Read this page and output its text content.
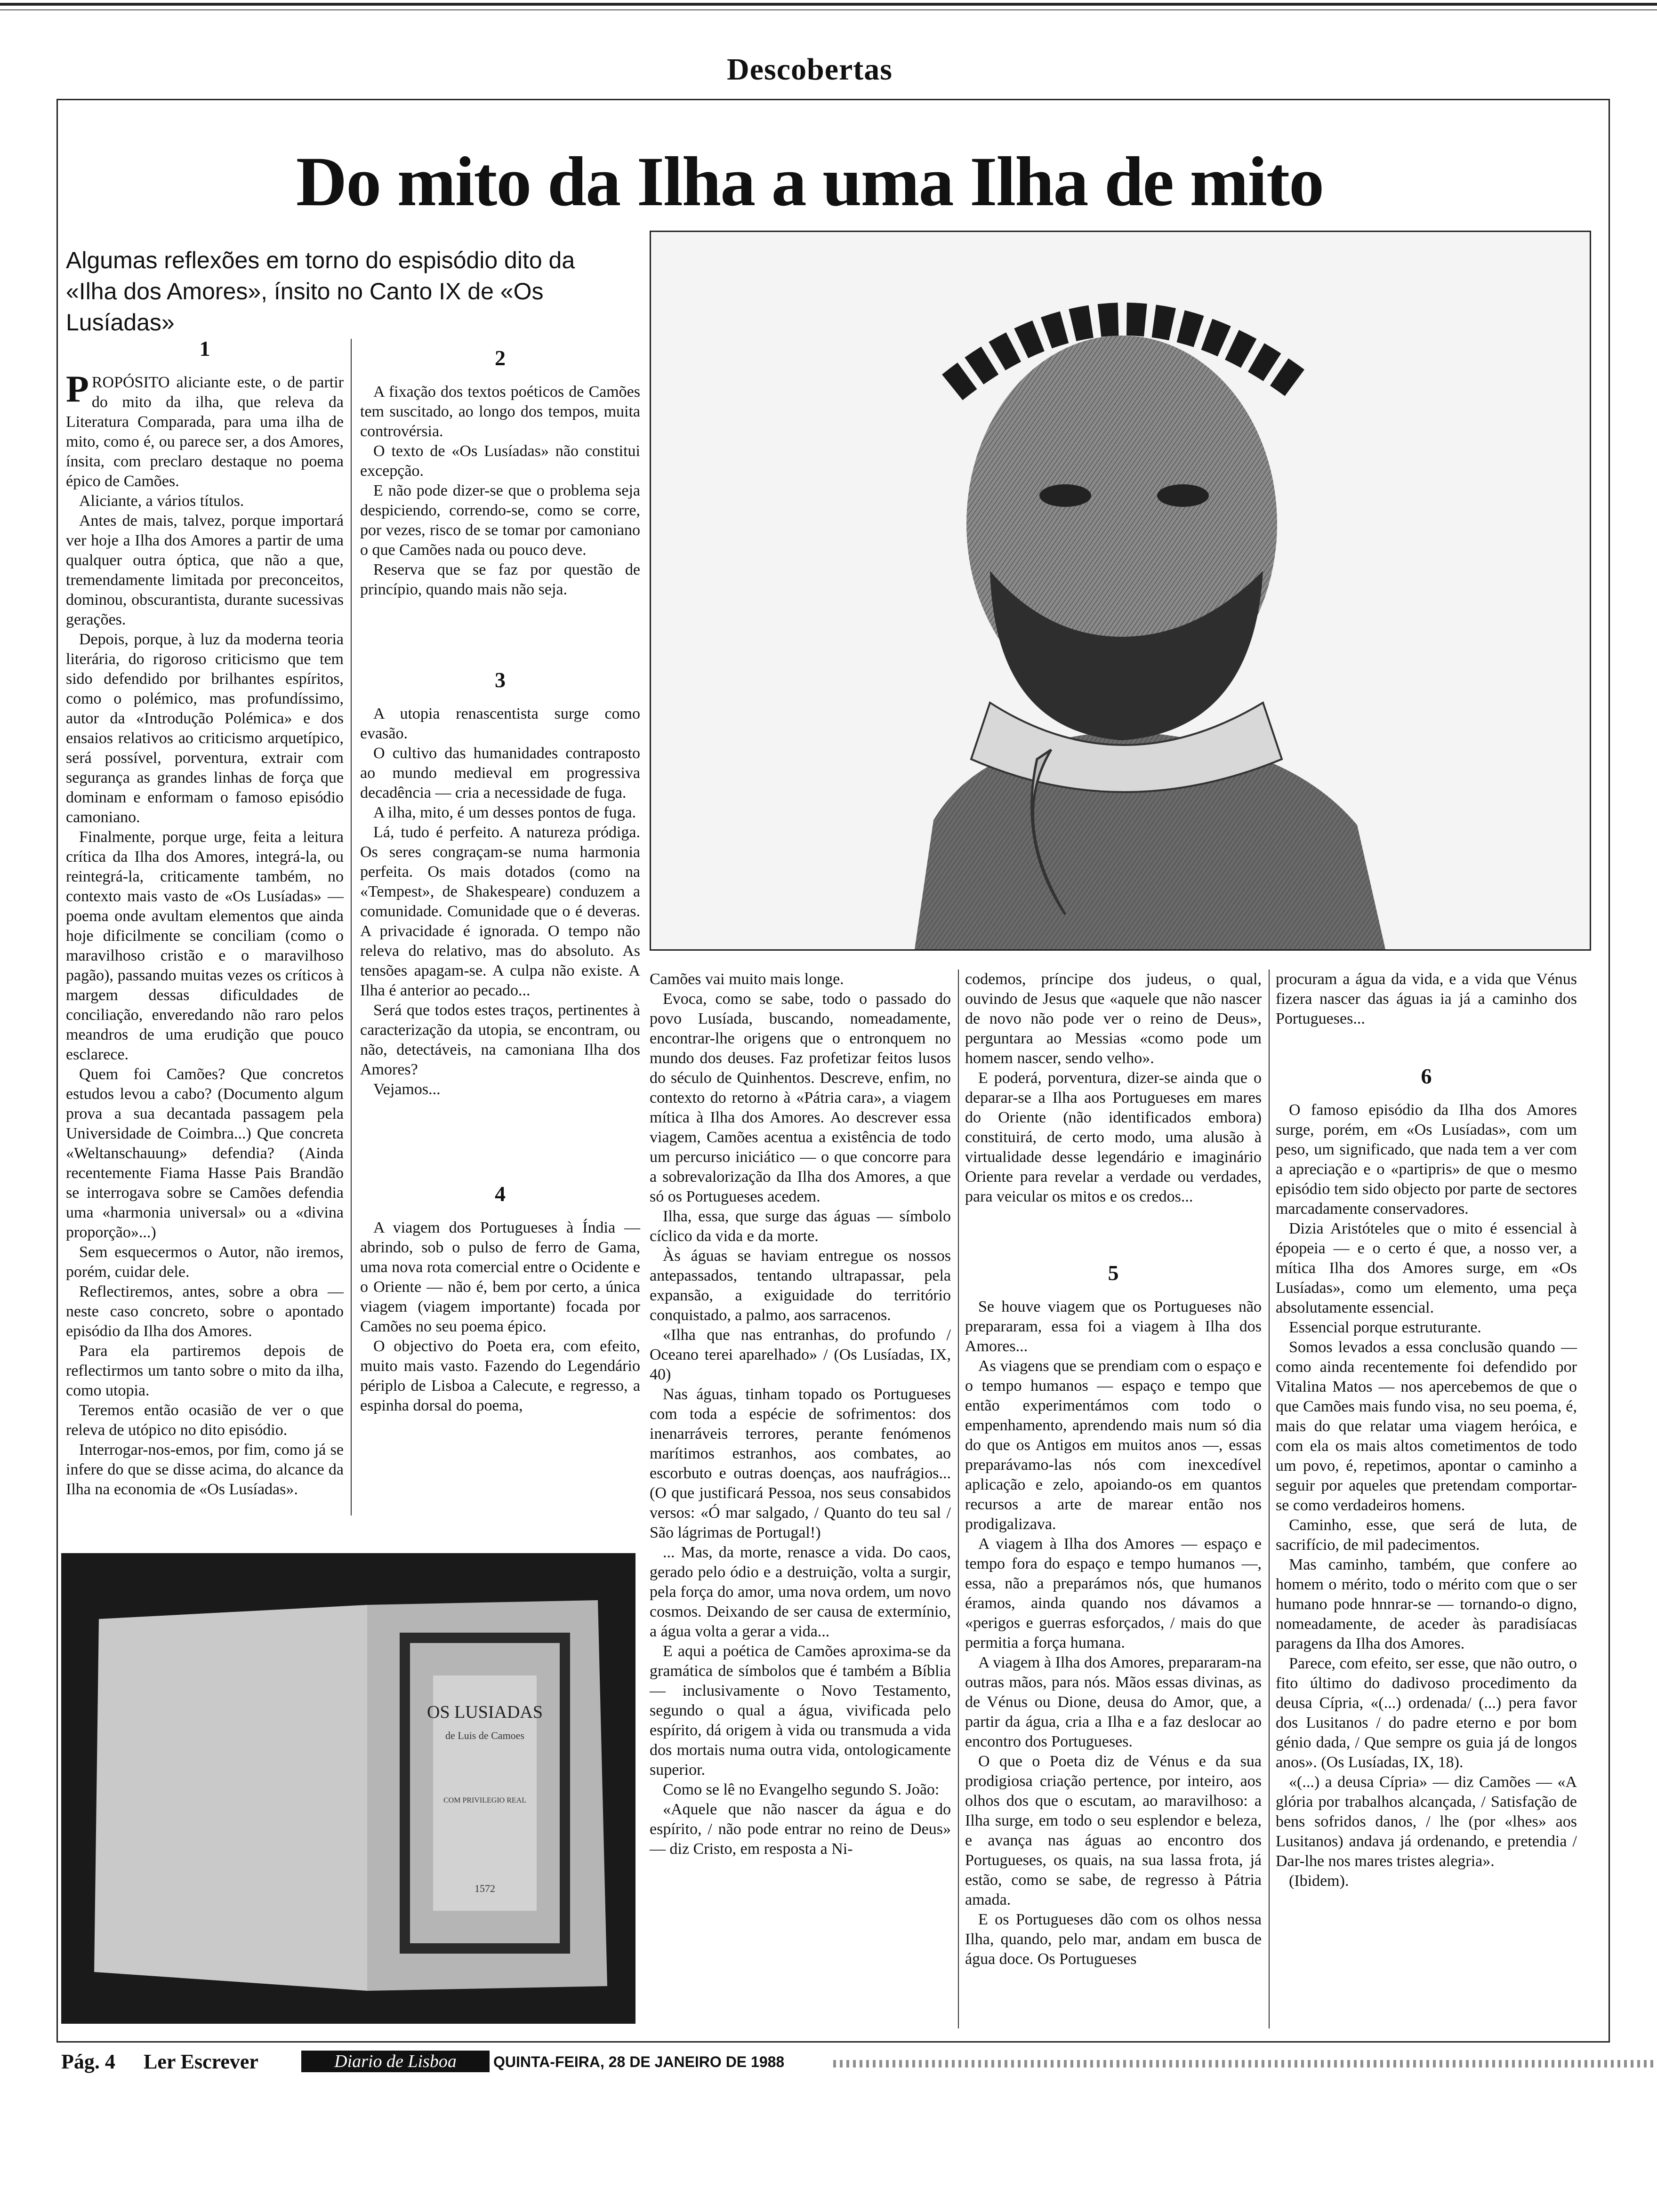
Descobertas
Do mito da Ilha a uma Ilha de mito
Algumas reflexões em torno do espisódio dito da «Ilha dos Amores», ínsito no Canto IX de «Os Lusíadas»
1

PROPÓSITO aliciante este, o de partir do mito da ilha, que releva da Literatura Comparada, para uma ilha de mito, como é, ou parece ser, a dos Amores, ínsita, com preclaro destaque no poema épico de Camões.

Aliciante, a vários títulos.

Antes de mais, talvez, porque importará ver hoje a Ilha dos Amores a partir de uma qualquer outra óptica, que não a que, tremendamente limitada por preconceitos, dominou, obscurantista, durante sucessivas gerações.

Depois, porque, à luz da moderna teoria literária, do rigoroso criticismo que tem sido defendido por brilhantes espíritos, como o polémico, mas profundíssimo, autor da «Introdução Polémica» e dos ensaios relativos ao criticismo arquetípico, será possível, porventura, extrair com segurança as grandes linhas de força que dominam e enformam o famoso episódio camoniano.

Finalmente, porque urge, feita a leitura crítica da Ilha dos Amores, integrá-la, ou reintegrá-la, criticamente também, no contexto mais vasto de «Os Lusíadas» — poema onde avultam elementos que ainda hoje dificilmente se conciliam (como o maravilhoso cristão e o maravilhoso pagão), passando muitas vezes os críticos à margem dessas dificuldades de conciliação, enveredando não raro pelos meandros de uma erudição que pouco esclarece.

Quem foi Camões? Que concretos estudos levou a cabo? (Documento algum prova a sua decantada passagem pela Universidade de Coimbra...) Que concreta «Weltanschauung» defendia? (Ainda recentemente Fiama Hasse Pais Brandão se interrogava sobre se Camões defendia uma «harmonia universal» ou a «divina proporção»...)

Sem esquecermos o Autor, não iremos, porém, cuidar dele.

Reflectiremos, antes, sobre a obra — neste caso concreto, sobre o apontado episódio da Ilha dos Amores.

Para ela partiremos depois de reflectirmos um tanto sobre o mito da ilha, como utopia.

Teremos então ocasião de ver o que releva de utópico no dito episódio.

Interrogar-nos-emos, por fim, como já se infere do que se disse acima, do alcance da Ilha na economia de «Os Lusíadas».

2

A fixação dos textos poéticos de Camões tem suscitado, ao longo dos tempos, muita controvérsia.

O texto de «Os Lusíadas» não constitui excepção.

E não pode dizer-se que o problema seja despiciendo, correndo-se, como se corre, por vezes, risco de se tomar por camoniano o que Camões nada ou pouco deve.

Reserva que se faz por questão de princípio, quando mais não seja.

3

A utopia renascentista surge como evasão.

O cultivo das humanidades contraposto ao mundo medieval em progressiva decadência — cria a necessidade de fuga.

A ilha, mito, é um desses pontos de fuga.

Lá, tudo é perfeito. A natureza pródiga. Os seres congraçam-se numa harmonia perfeita. Os mais dotados (como na «Tempest», de Shakespeare) conduzem a comunidade. Comunidade que o é deveras. A privacidade é ignorada. O tempo não releva do relativo, mas do absoluto. As tensões apagam-se. A culpa não existe. A Ilha é anterior ao pecado...

Será que todos estes traços, pertinentes à caracterização da utopia, se encontram, ou não, detectáveis, na camoniana Ilha dos Amores?

Vejamos...

4

A viagem dos Portugueses à Índia — abrindo, sob o pulso de ferro de Gama, uma nova rota comercial entre o Ocidente e o Oriente — não é, bem por certo, a única viagem (viagem importante) focada por Camões no seu poema épico.

O objectivo do Poeta era, com efeito, muito mais vasto. Fazendo do Legendário périplo de Lisboa a Calecute, e regresso, a espinha dorsal do poema,

Camões vai muito mais longe.

Evoca, como se sabe, todo o passado do povo Lusíada, buscando, nomeadamente, encontrar-lhe origens que o entronquem no mundo dos deuses. Faz profetizar feitos lusos do século de Quinhentos. Descreve, enfim, no contexto do retorno à «Pátria cara», a viagem mítica à Ilha dos Amores. Ao descrever essa viagem, Camões acentua a existência de todo um percurso iniciático — o que concorre para a sobrevalorização da Ilha dos Amores, a que só os Portugueses acedem.

Ilha, essa, que surge das águas — símbolo cíclico da vida e da morte.

Às águas se haviam entregue os nossos antepassados, tentando ultrapassar, pela expansão, a exiguidade do território conquistado, a palmo, aos sarracenos.

«Ilha que nas entranhas, do profundo / Oceano terei aparelhado» / (Os Lusíadas, IX, 40)

Nas águas, tinham topado os Portugueses com toda a espécie de sofrimentos: dos inenarráveis terrores, perante fenómenos marítimos estranhos, aos combates, ao escorbuto e outras doenças, aos naufrágios... (O que justificará Pessoa, nos seus consabidos versos: «Ó mar salgado, / Quanto do teu sal / São lágrimas de Portugal!)

... Mas, da morte, renasce a vida. Do caos, gerado pelo ódio e a destruição, volta a surgir, pela força do amor, uma nova ordem, um novo cosmos. Deixando de ser causa de extermínio, a água volta a gerar a vida...

E aqui a poética de Camões aproxima-se da gramática de símbolos que é também a Bíblia — inclusivamente o Novo Testamento, segundo o qual a água, vivificada pelo espírito, dá origem à vida ou transmuda a vida dos mortais numa outra vida, ontologicamente superior.

Como se lê no Evangelho segundo S. João:

«Aquele que não nascer da água e do espírito, / não pode entrar no reino de Deus» — diz Cristo, em resposta a Ni-

codemos, príncipe dos judeus, o qual, ouvindo de Jesus que «aquele que não nascer de novo não pode ver o reino de Deus», perguntara ao Messias «como pode um homem nascer, sendo velho».

E poderá, porventura, dizer-se ainda que o deparar-se a Ilha aos Portugueses em mares do Oriente (não identificados embora) constituirá, de certo modo, uma alusão à virtualidade desse legendário e imaginário Oriente para revelar a verdade ou verdades, para veicular os mitos e os credos...

5

Se houve viagem que os Portugueses não prepararam, essa foi a viagem à Ilha dos Amores...

As viagens que se prendiam com o espaço e o tempo humanos — espaço e tempo que então experimentámos com todo o empenhamento, aprendendo mais num só dia do que os Antigos em muitos anos —, essas preparávamo-las nós com inexcedível aplicação e zelo, apoiando-os em quantos recursos a arte de marear então nos prodigalizava.

A viagem à Ilha dos Amores — espaço e tempo fora do espaço e tempo humanos —, essa, não a preparámos nós, que humanos éramos, ainda quando nos dávamos a «perigos e guerras esforçados, / mais do que permitia a força humana.

A viagem à Ilha dos Amores, prepararam-na outras mãos, para nós. Mãos essas divinas, as de Vénus ou Dione, deusa do Amor, que, a partir da água, cria a Ilha e a faz deslocar ao encontro dos Portugueses.

O que o Poeta diz de Vénus e da sua prodigiosa criação pertence, por inteiro, aos olhos dos que o escutam, ao maravilhoso: a Ilha surge, em todo o seu esplendor e beleza, e avança nas águas ao encontro dos Portugueses, os quais, na sua lassa frota, já estão, como se sabe, de regresso à Pátria amada.

E os Portugueses dão com os olhos nessa Ilha, quando, pelo mar, andam em busca de água doce. Os Portugueses

procuram a água da vida, e a vida que Vénus fizera nascer das águas ia já a caminho dos Portugueses...

6

O famoso episódio da Ilha dos Amores surge, porém, em «Os Lusíadas», com um peso, um significado, que nada tem a ver com a apreciação e o «partipris» de que o mesmo episódio tem sido objecto por parte de sectores marcadamente conservadores.

Dizia Aristóteles que o mito é essencial à épopeia — e o certo é que, a nosso ver, a mítica Ilha dos Amores surge, em «Os Lusíadas», como um elemento, uma peça absolutamente essencial.

Essencial porque estruturante.

Somos levados a essa conclusão quando — como ainda recentemente foi defendido por Vitalina Matos — nos apercebemos de que o que Camões mais fundo visa, no seu poema, é, mais do que relatar uma viagem heróica, e com ela os mais altos cometimentos de todo um povo, é, repetimos, apontar o caminho a seguir por aqueles que pretendam comportar-se como verdadeiros homens.

Caminho, esse, que será de luta, de sacrifício, de mil padecimentos.

Mas caminho, também, que confere ao homem o mérito, todo o mérito com que o ser humano pode hnnrar-se — tornando-o digno, nomeadamente, de aceder às paradisíacas paragens da Ilha dos Amores.

Parece, com efeito, ser esse, que não outro, o fito último do dadivoso procedimento da deusa Cípria, «(...) ordenada/ (...) pera favor dos Lusitanos / do padre eterno e por bom génio dada, / Que sempre os guia já de longos anos». (Os Lusíadas, IX, 18).

«(...) a deusa Cípria» — diz Camões — «A glória por trabalhos alcançada, / Satisfação de bens sofridos danos, / lhe (por «lhes» aos Lusitanos) andava já ordenando, e pretendia / Dar-lhe nos mares tristes alegria».

(Ibidem).

OS LUSIADAS
de Luis de Camoes
COM PRIVILEGIO REAL
1572
Pág. 4 Ler Escrever	Diario de Lisboa	QUINTA-FEIRA, 28 DE JANEIRO DE 1988
